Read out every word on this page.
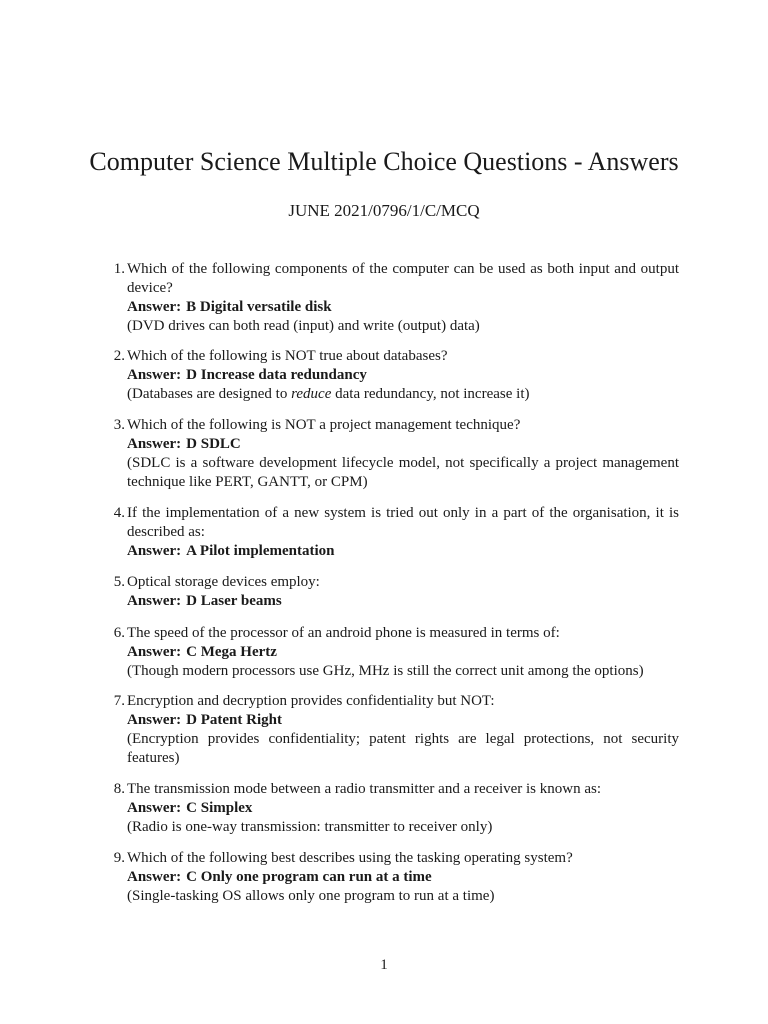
Computer Science Multiple Choice Questions - Answers
JUNE 2021/0796/1/C/MCQ
1. Which of the following components of the computer can be used as both input and output device?
Answer: B Digital versatile disk
(DVD drives can both read (input) and write (output) data)
2. Which of the following is NOT true about databases?
Answer: D Increase data redundancy
(Databases are designed to reduce data redundancy, not increase it)
3. Which of the following is NOT a project management technique?
Answer: D SDLC
(SDLC is a software development lifecycle model, not specifically a project management technique like PERT, GANTT, or CPM)
4. If the implementation of a new system is tried out only in a part of the organisation, it is described as:
Answer: A Pilot implementation
5. Optical storage devices employ:
Answer: D Laser beams
6. The speed of the processor of an android phone is measured in terms of:
Answer: C Mega Hertz
(Though modern processors use GHz, MHz is still the correct unit among the options)
7. Encryption and decryption provides confidentiality but NOT:
Answer: D Patent Right
(Encryption provides confidentiality; patent rights are legal protections, not security features)
8. The transmission mode between a radio transmitter and a receiver is known as:
Answer: C Simplex
(Radio is one-way transmission: transmitter to receiver only)
9. Which of the following best describes using the tasking operating system?
Answer: C Only one program can run at a time
(Single-tasking OS allows only one program to run at a time)
1
